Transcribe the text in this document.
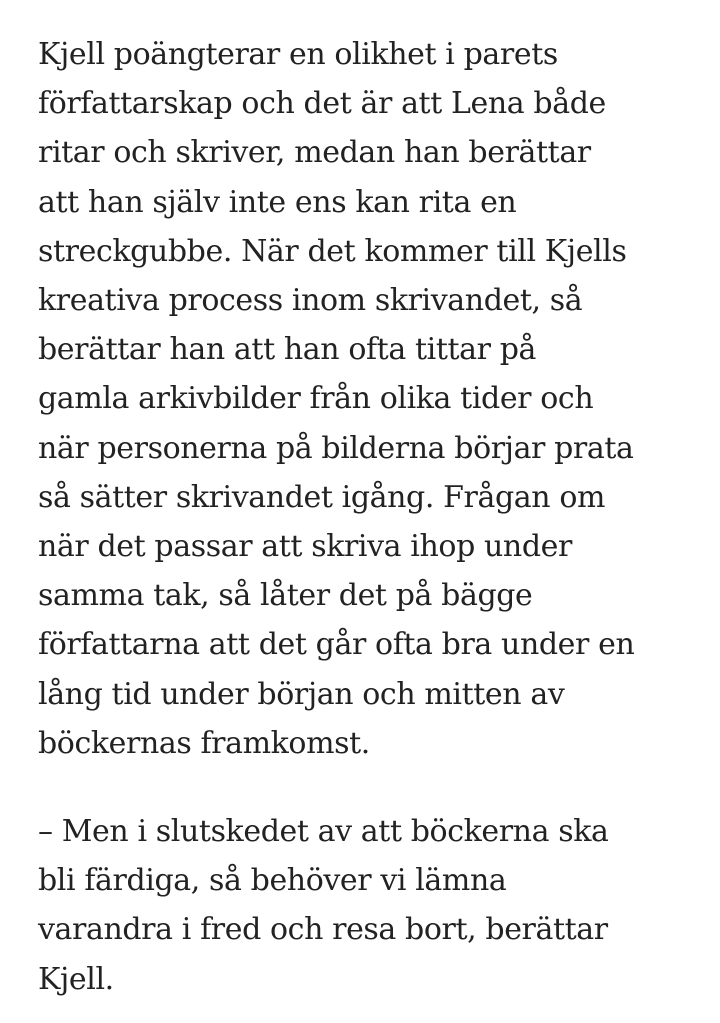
Kjell poängterar en olikhet i parets
författarskap och det är att Lena både
ritar och skriver, medan han berättar
att han själv inte ens kan rita en
streckgubbe. När det kommer till Kjells
kreativa process inom skrivandet, så
berättar han att han ofta tittar på
gamla arkivbilder från olika tider och
när personerna på bilderna börjar prata
så sätter skrivandet igång. Frågan om
när det passar att skriva ihop under
samma tak, så låter det på bägge
författarna att det går ofta bra under en
lång tid under början och mitten av
böckernas framkomst.

– Men i slutskedet av att böckerna ska
bli färdiga, så behöver vi lämna
varandra i fred och resa bort, berättar
Kjell.
